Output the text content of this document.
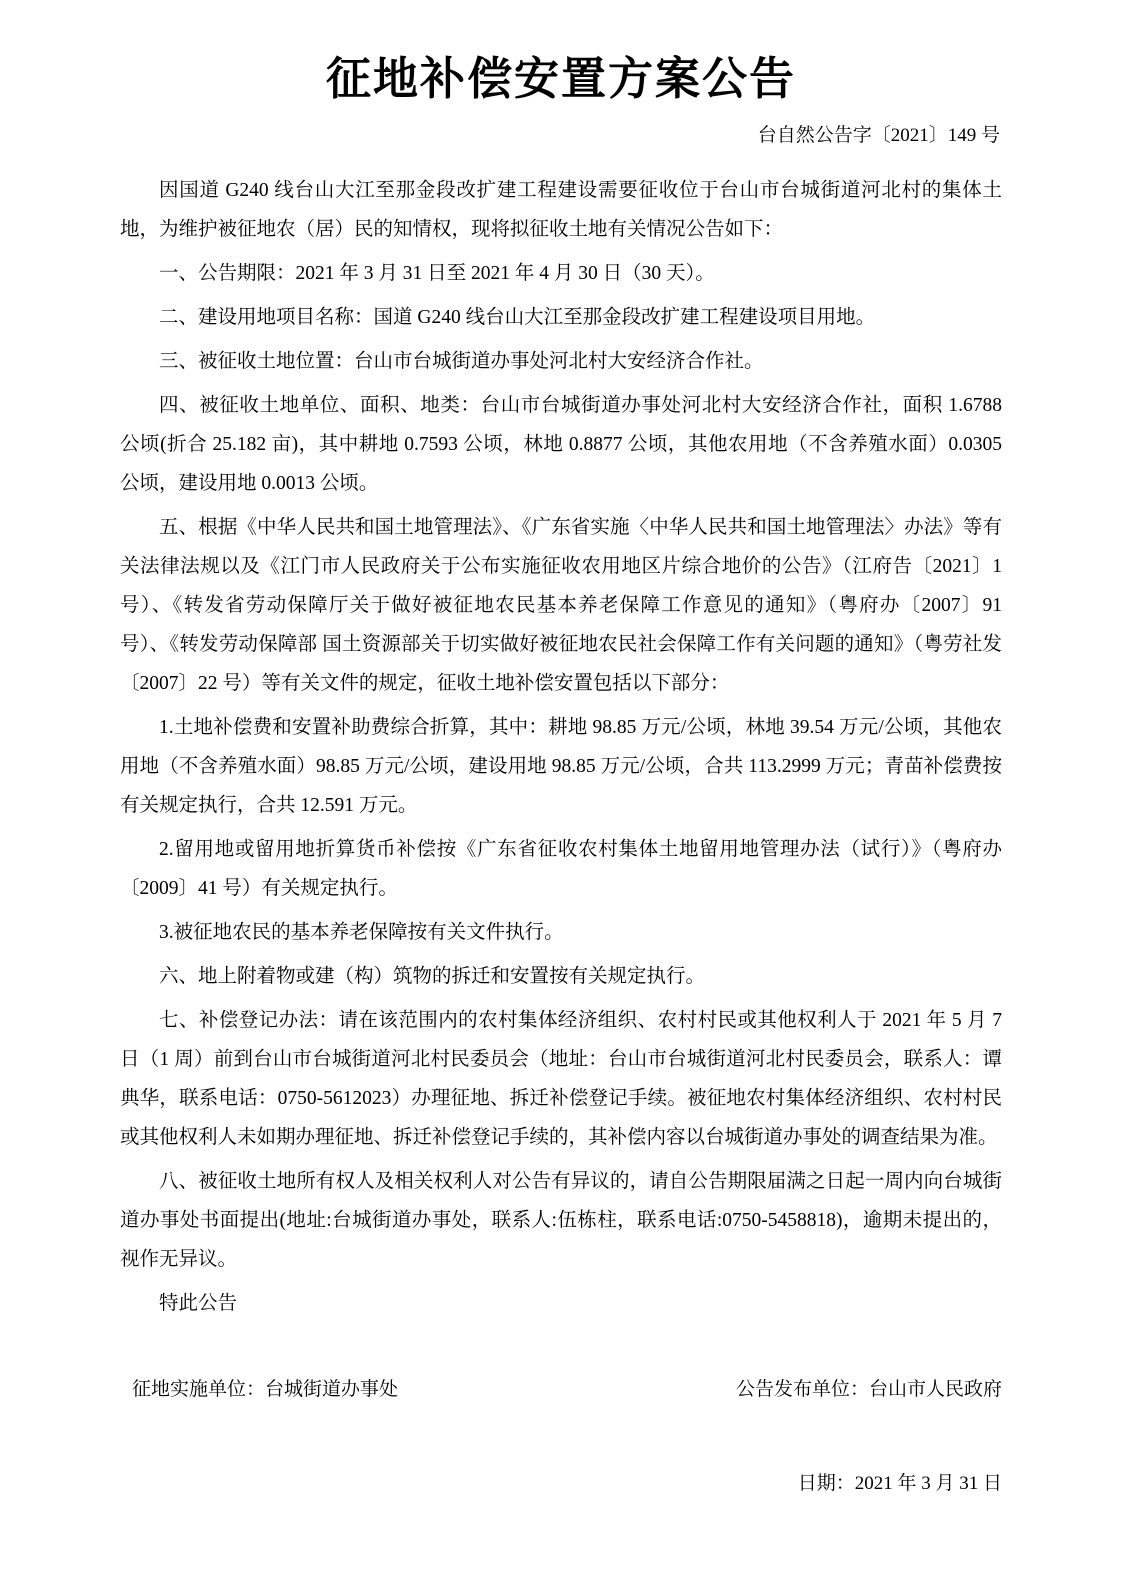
征地补偿安置方案公告
台自然公告字〔2021〕149 号

因国道 G240 线台山大江至那金段改扩建工程建设需要征收位于台山市台城街道河北村的集体土地，为维护被征地农（居）民的知情权，现将拟征收土地有关情况公告如下：

一、公告期限：2021 年 3 月 31 日至 2021 年 4 月 30 日（30 天）。

二、建设用地项目名称：国道 G240 线台山大江至那金段改扩建工程建设项目用地。

三、被征收土地位置：台山市台城街道办事处河北村大安经济合作社。

四、被征收土地单位、面积、地类：台山市台城街道办事处河北村大安经济合作社，面积 1.6788 公顷(折合 25.182 亩)，其中耕地 0.7593 公顷，林地 0.8877 公顷，其他农用地（不含养殖水面）0.0305 公顷，建设用地 0.0013 公顷。

五、根据《中华人民共和国土地管理法》、《广东省实施〈中华人民共和国土地管理法〉办法》等有关法律法规以及《江门市人民政府关于公布实施征收农用地区片综合地价的公告》（江府告〔2021〕1 号）、《转发省劳动保障厅关于做好被征地农民基本养老保障工作意见的通知》（粤府办〔2007〕91 号）、《转发劳动保障部 国土资源部关于切实做好被征地农民社会保障工作有关问题的通知》（粤劳社发〔2007〕22 号）等有关文件的规定，征收土地补偿安置包括以下部分：

1.土地补偿费和安置补助费综合折算，其中：耕地 98.85 万元/公顷，林地 39.54 万元/公顷，其他农用地（不含养殖水面）98.85 万元/公顷，建设用地 98.85 万元/公顷，合共 113.2999 万元；青苗补偿费按有关规定执行，合共 12.591 万元。

2.留用地或留用地折算货币补偿按《广东省征收农村集体土地留用地管理办法（试行）》（粤府办〔2009〕41 号）有关规定执行。

3.被征地农民的基本养老保障按有关文件执行。

六、地上附着物或建（构）筑物的拆迁和安置按有关规定执行。

七、补偿登记办法：请在该范围内的农村集体经济组织、农村村民或其他权利人于 2021 年 5 月 7 日（1 周）前到台山市台城街道河北村民委员会（地址：台山市台城街道河北村民委员会，联系人：谭典华，联系电话：0750-5612023）办理征地、拆迁补偿登记手续。被征地农村集体经济组织、农村村民或其他权利人未如期办理征地、拆迁补偿登记手续的，其补偿内容以台城街道办事处的调查结果为准。

八、被征收土地所有权人及相关权利人对公告有异议的，请自公告期限届满之日起一周内向台城街道办事处书面提出(地址:台城街道办事处，联系人:伍栋柱，联系电话:0750-5458818)，逾期未提出的，视作无异议。

特此公告

征地实施单位：台城街道办事处	公告发布单位：台山市人民政府
日期：2021 年 3 月 31 日
